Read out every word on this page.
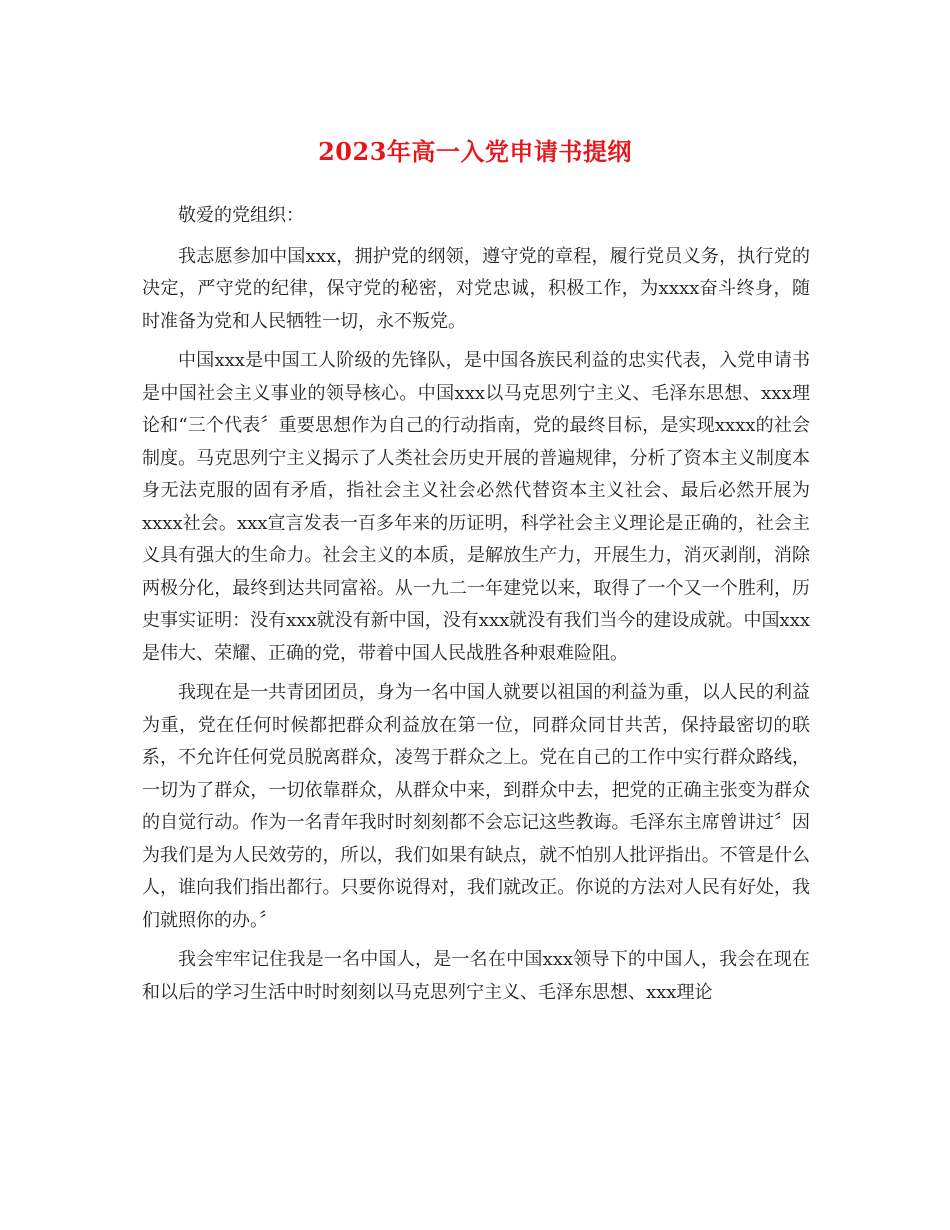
2023年高一入党申请书提纲

敬爱的党组织：

我志愿参加中国xxx，拥护党的纲领，遵守党的章程，履行党员义务，执行党的决定，严守党的纪律，保守党的秘密，对党忠诚，积极工作，为xxxx奋斗终身，随时准备为党和人民牺牲一切，永不叛党。

中国xxx是中国工人阶级的先锋队，是中国各族民利益的忠实代表，入党申请书是中国社会主义事业的领导核心。中国xxx以马克思列宁主义、毛泽东思想、xxx理论和“三个代表〞重要思想作为自己的行动指南，党的最终目标，是实现xxxx的社会制度。马克思列宁主义揭示了人类社会历史开展的普遍规律，分析了资本主义制度本身无法克服的固有矛盾，指社会主义社会必然代替资本主义社会、最后必然开展为xxxx社会。xxx宣言发表一百多年来的历证明，科学社会主义理论是正确的，社会主义具有强大的生命力。社会主义的本质，是解放生产力，开展生力，消灭剥削，消除两极分化，最终到达共同富裕。从一九二一年建党以来，取得了一个又一个胜利，历史事实证明：没有xxx就没有新中国，没有xxx就没有我们当今的建设成就。中国xxx是伟大、荣耀、正确的党，带着中国人民战胜各种艰难险阻。

我现在是一共青团团员，身为一名中国人就要以祖国的利益为重，以人民的利益为重，党在任何时候都把群众利益放在第一位，同群众同甘共苦，保持最密切的联系，不允许任何党员脱离群众，凌驾于群众之上。党在自己的工作中实行群众路线，一切为了群众，一切依靠群众，从群众中来，到群众中去，把党的正确主张变为群众的自觉行动。作为一名青年我时时刻刻都不会忘记这些教诲。毛泽东主席曾讲过〞因为我们是为人民效劳的，所以，我们如果有缺点，就不怕别人批评指出。不管是什么人，谁向我们指出都行。只要你说得对，我们就改正。你说的方法对人民有好处，我们就照你的办。〞

我会牢牢记住我是一名中国人，是一名在中国xxx领导下的中国人，我会在现在和以后的学习生活中时时刻刻以马克思列宁主义、毛泽东思想、xxx理论
